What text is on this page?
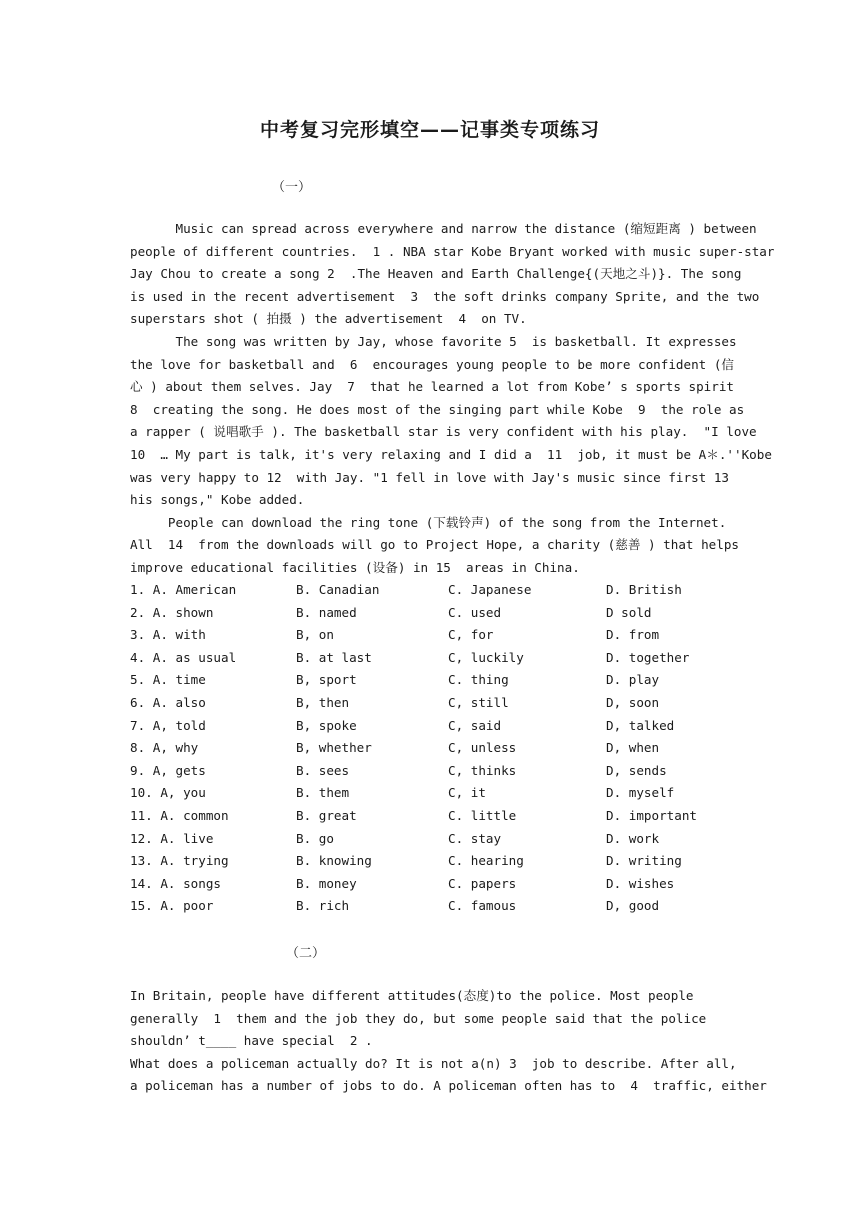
中考复习完形填空——记事类专项练习
（一）
Music can spread across everywhere and narrow the distance (缩短距离 ) between
people of different countries.  1 . NBA star Kobe Bryant worked with music super-star
Jay Chou to create a song 2  .The Heaven and Earth Challenge{(天地之斗)}. The song
is used in the recent advertisement  3  the soft drinks company Sprite, and the two
superstars shot ( 拍摄 ) the advertisement  4  on TV.
The song was written by Jay, whose favorite 5  is basketball. It expresses
the love for basketball and  6  encourages young people to be more confident (信
心 ) about them selves. Jay  7  that he learned a lot from Kobe’ s sports spirit
8  creating the song. He does most of the singing part while Kobe  9  the role as
a rapper ( 说唱歌手 ). The basketball star is very confident with his play.  "I love
10  … My part is talk, it's very relaxing and I did a  11  job, it must be A＊.''Kobe
was very happy to 12  with Jay. "1 fell in love with Jay's music since first 13
his songs," Kobe added.
People can download the ring tone (下载铃声) of the song from the Internet.
All  14  from the downloads will go to Project Hope, a charity (慈善 ) that helps
improve educational facilities (设备) in 15  areas in China.
1. A. American	B. Canadian	C. Japanese	D. British
2. A. shown	B. named	C. used	D sold
3. A. with	B, on	C, for	D. from
4. A. as usual	B. at last	C, luckily	D. together
5. A. time	B, sport	C. thing	D. play
6. A. also	B, then	C, still	D, soon
7. A, told	B, spoke	C, said	D, talked
8. A, why	B, whether	C, unless	D, when
9. A, gets	B. sees	C, thinks	D, sends
10. A, you	B. them	C, it	D. myself
11. A. common	B. great	C. little	D. important
12. A. live	B. go	C. stay	D. work
13. A. trying	B. knowing	C. hearing	D. writing
14. A. songs	B. money	C. papers	D. wishes
15. A. poor	B. rich	C. famous	D, good
（二）
In Britain, people have different attitudes(态度)to the police. Most people
generally  1  them and the job they do, but some people said that the police
shouldn’ t____ have special  2 .
What does a policeman actually do? It is not a(n) 3  job to describe. After all,
a policeman has a number of jobs to do. A policeman often has to  4  traffic, either
